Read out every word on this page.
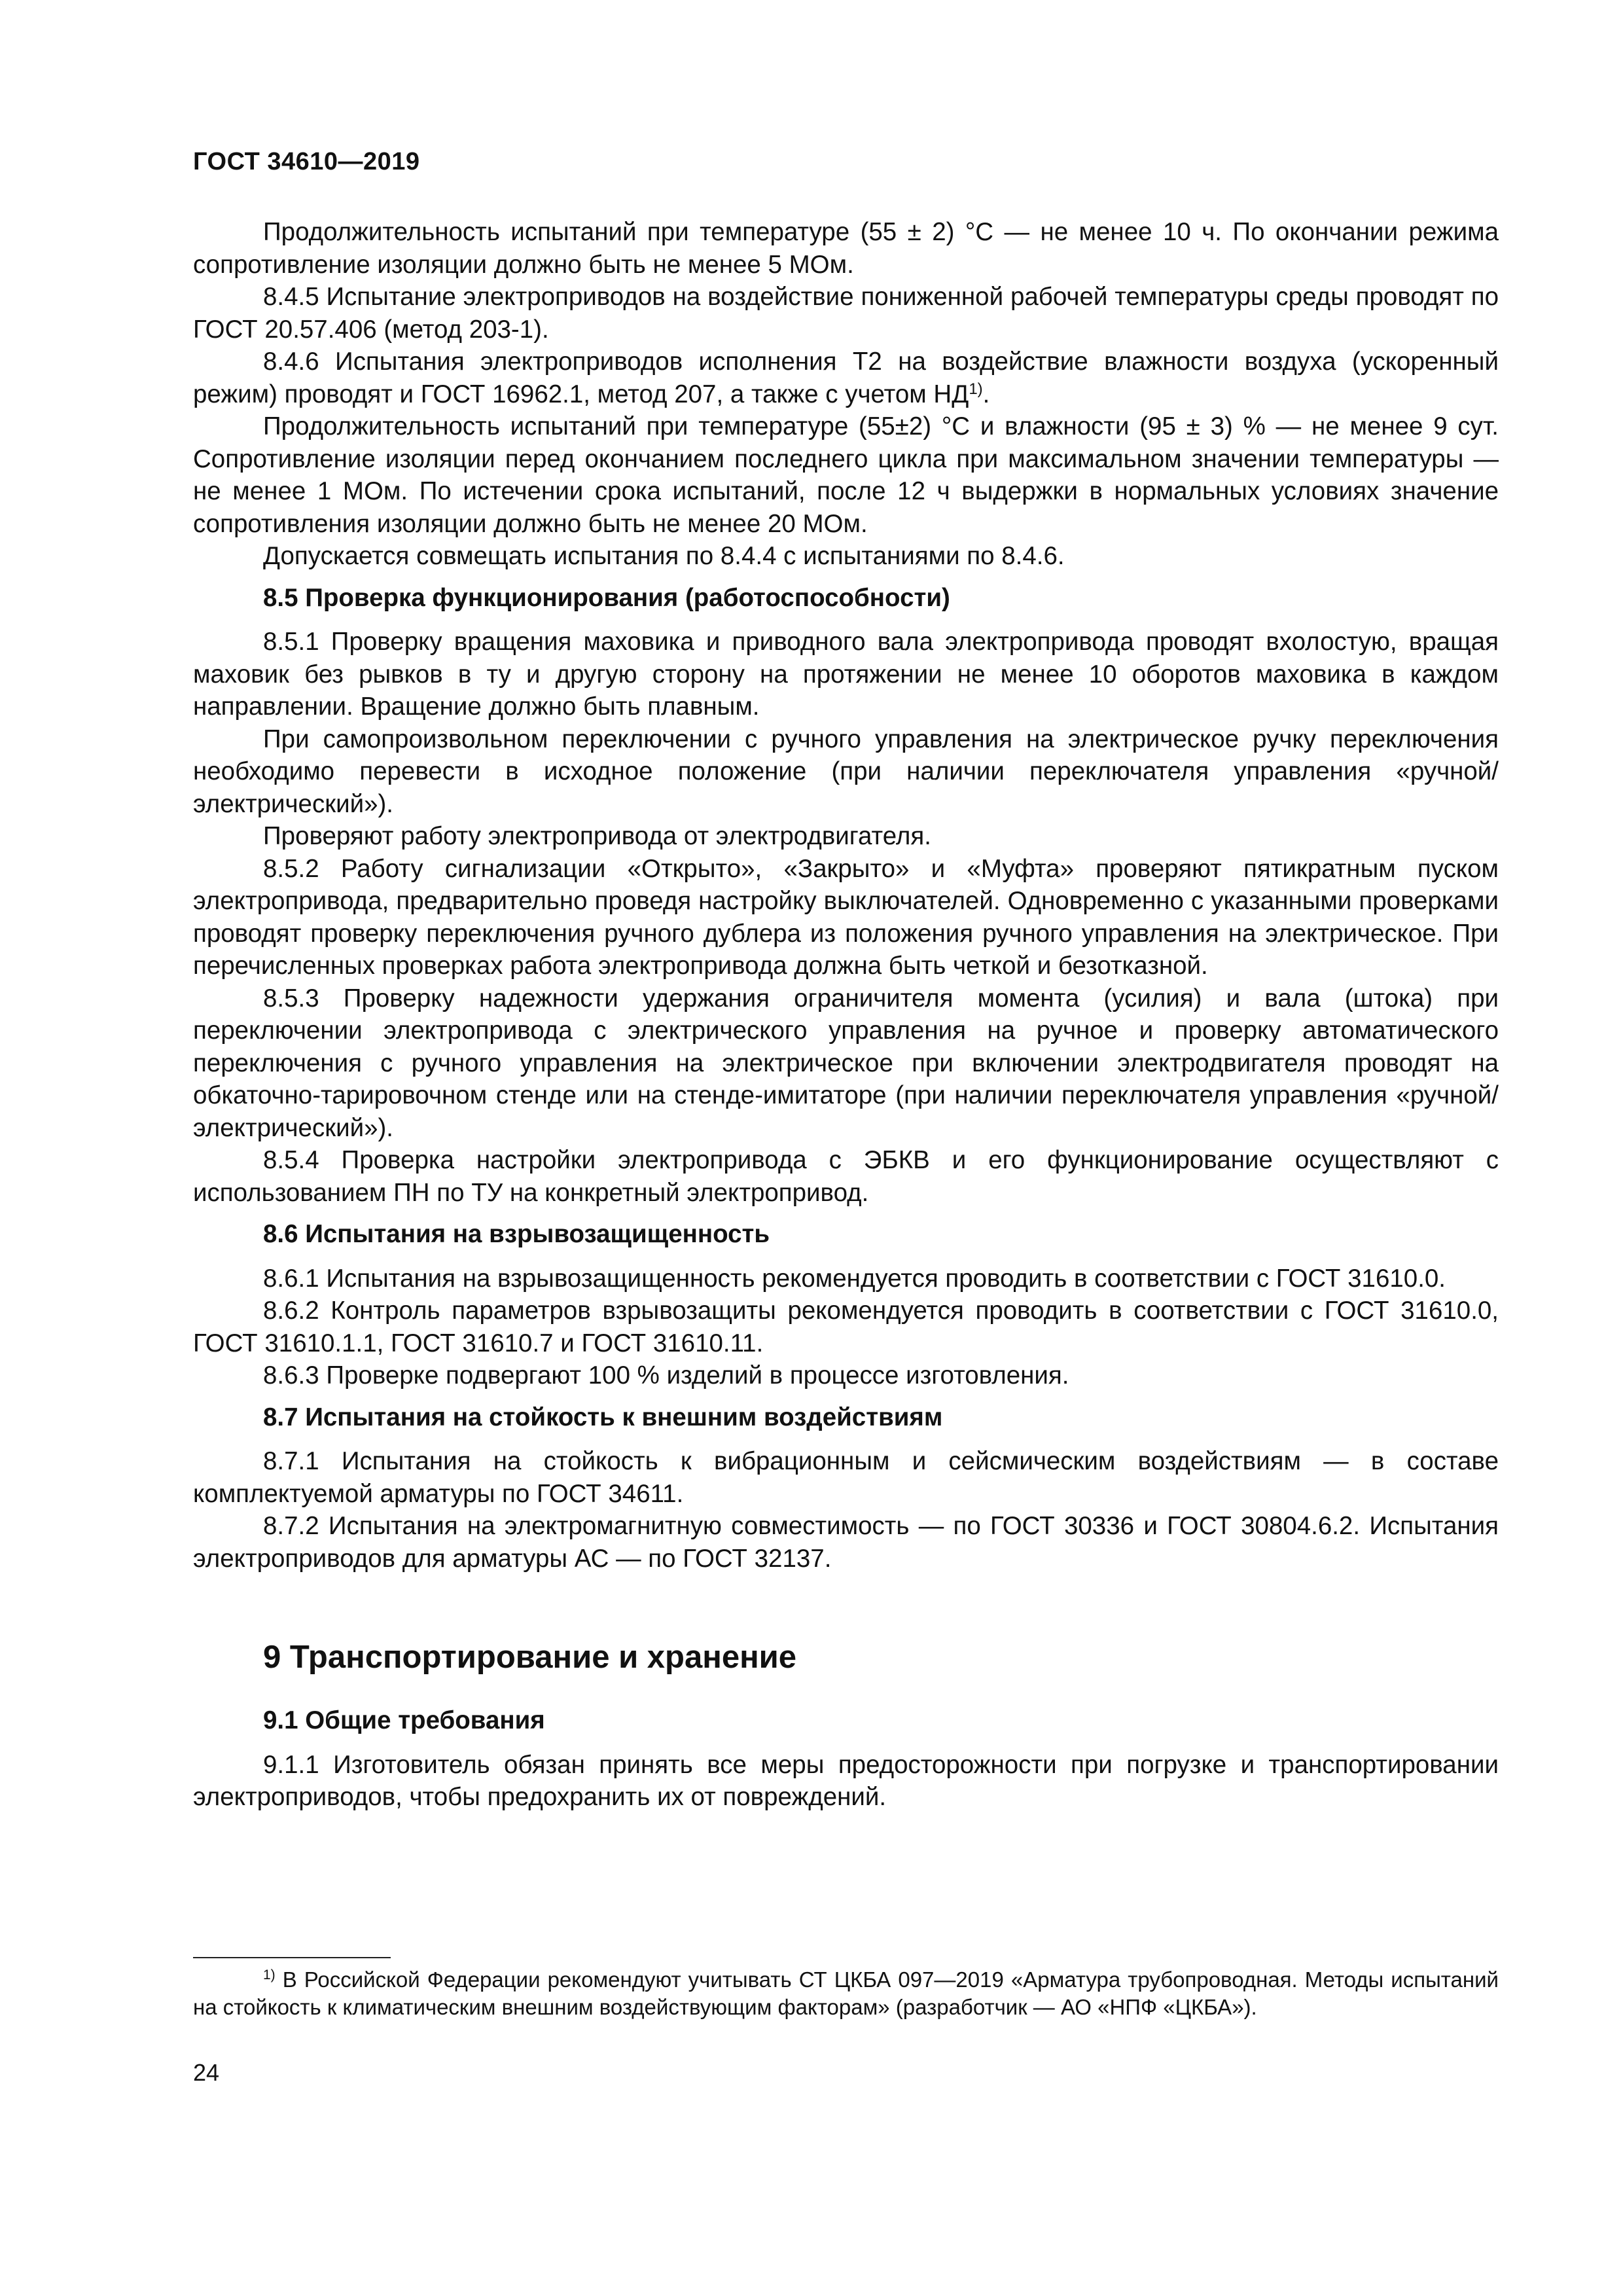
ГОСТ 34610—2019

Продолжительность испытаний при температуре (55 ± 2) °С — не менее 10 ч. По окончании режима сопротивление изоляции должно быть не менее 5 МОм.

8.4.5 Испытание электроприводов на воздействие пониженной рабочей температуры среды проводят по ГОСТ 20.57.406 (метод 203-1).

8.4.6 Испытания электроприводов исполнения Т2 на воздействие влажности воздуха (ускоренный режим) проводят и ГОСТ 16962.1, метод 207, а также с учетом НД$^{1)}$.

Продолжительность испытаний при температуре (55±2) °С и влажности (95 ± 3) % — не менее 9 сут. Сопротивление изоляции перед окончанием последнего цикла при максимальном значении температуры — не менее 1 МОм. По истечении срока испытаний, после 12 ч выдержки в нормальных условиях значение сопротивления изоляции должно быть не менее 20 МОм.

Допускается совмещать испытания по 8.4.4 с испытаниями по 8.4.6.

8.5 Проверка функционирования (работоспособности)

8.5.1 Проверку вращения маховика и приводного вала электропривода проводят вхолостую, вращая маховик без рывков в ту и другую сторону на протяжении не менее 10 оборотов маховика в каждом направлении. Вращение должно быть плавным.

При самопроизвольном переключении с ручного управления на электрическое ручку переключения необходимо перевести в исходное положение (при наличии переключателя управления «ручной/электрический»).

Проверяют работу электропривода от электродвигателя.

8.5.2 Работу сигнализации «Открыто», «Закрыто» и «Муфта» проверяют пятикратным пуском электропривода, предварительно проведя настройку выключателей. Одновременно с указанными проверками проводят проверку переключения ручного дублера из положения ручного управления на электрическое. При перечисленных проверках работа электропривода должна быть четкой и безотказной.

8.5.3 Проверку надежности удержания ограничителя момента (усилия) и вала (штока) при переключении электропривода с электрического управления на ручное и проверку автоматического переключения с ручного управления на электрическое при включении электродвигателя проводят на обкаточно-тарировочном стенде или на стенде-имитаторе (при наличии переключателя управления «ручной/электрический»).

8.5.4 Проверка настройки электропривода с ЭБКВ и его функционирование осуществляют с использованием ПН по ТУ на конкретный электропривод.

8.6 Испытания на взрывозащищенность

8.6.1 Испытания на взрывозащищенность рекомендуется проводить в соответствии с ГОСТ 31610.0.

8.6.2 Контроль параметров взрывозащиты рекомендуется проводить в соответствии с ГОСТ 31610.0, ГОСТ 31610.1.1, ГОСТ 31610.7 и ГОСТ 31610.11.

8.6.3 Проверке подвергают 100 % изделий в процессе изготовления.

8.7 Испытания на стойкость к внешним воздействиям

8.7.1 Испытания на стойкость к вибрационным и сейсмическим воздействиям — в составе комплектуемой арматуры по ГОСТ 34611.

8.7.2 Испытания на электромагнитную совместимость — по ГОСТ 30336 и ГОСТ 30804.6.2. Испытания электроприводов для арматуры АС — по ГОСТ 32137.

9 Транспортирование и хранение
9.1 Общие требования

9.1.1 Изготовитель обязан принять все меры предосторожности при погрузке и транспортировании электроприводов, чтобы предохранить их от повреждений.

$^{1)}$ В Российской Федерации рекомендуют учитывать СТ ЦКБА 097—2019 «Арматура трубопроводная. Методы испытаний на стойкость к климатическим внешним воздействующим факторам» (разработчик — АО «НПФ «ЦКБА»).
24
